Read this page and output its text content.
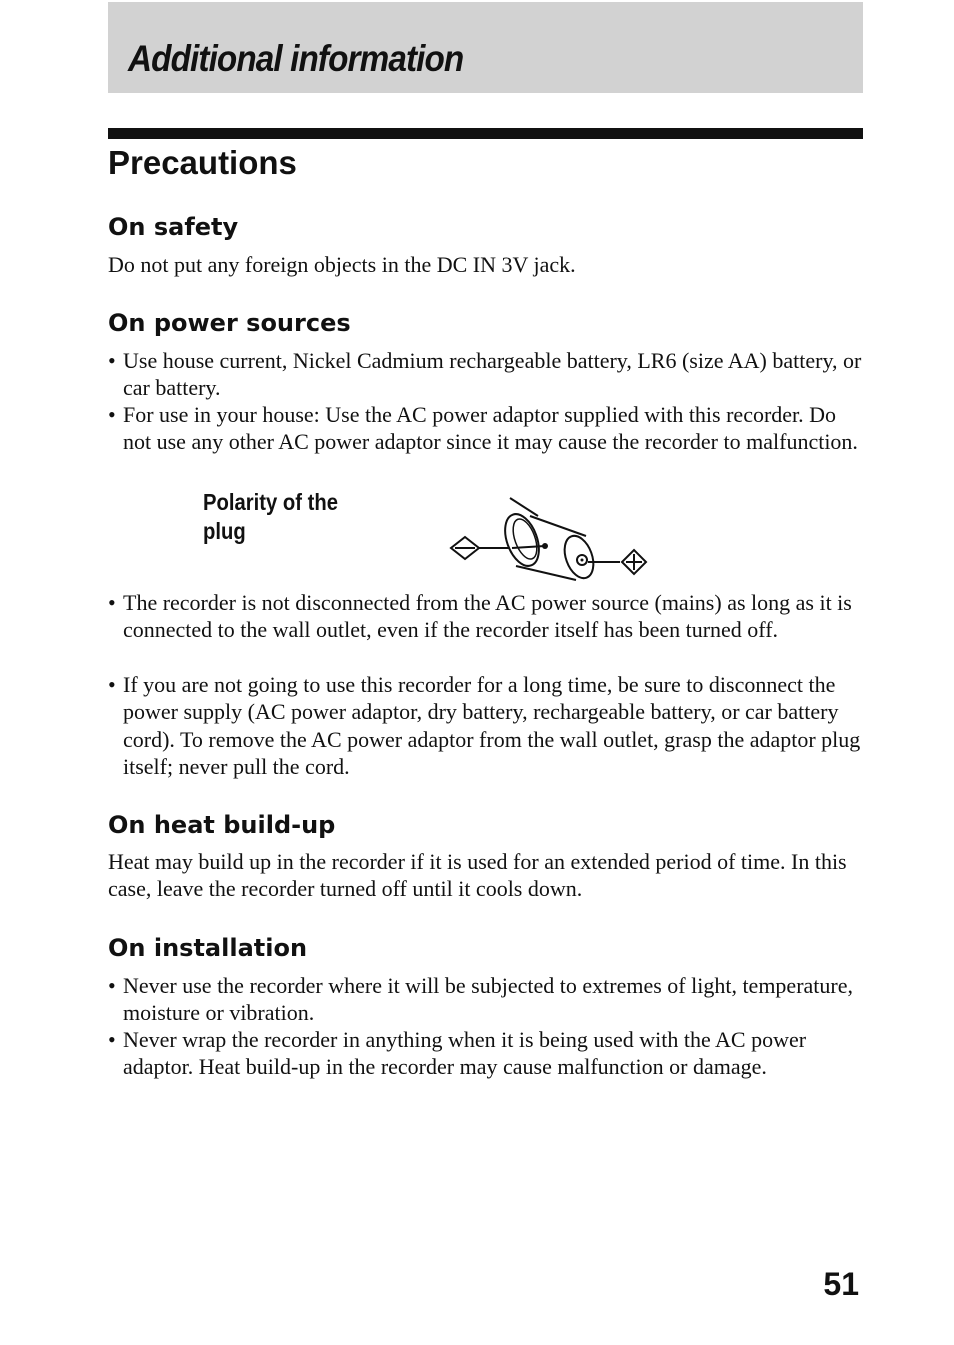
Additional information
Precautions
On safety
Do not put any foreign objects in the DC IN 3V jack.
On power sources
• Use house current, Nickel Cadmium rechargeable battery, LR6 (size AA) battery, or car battery.
• For use in your house: Use the AC power adaptor supplied with this recorder. Do not use any other AC power adaptor since it may cause the recorder to malfunction.
Polarity of the plug
• The recorder is not disconnected from the AC power source (mains) as long as it is connected to the wall outlet, even if the recorder itself has been turned off.
• If you are not going to use this recorder for a long time, be sure to disconnect the power supply (AC power adaptor, dry battery, rechargeable battery, or car battery cord). To remove the AC power adaptor from the wall outlet, grasp the adaptor plug itself; never pull the cord.
On heat build-up
Heat may build up in the recorder if it is used for an extended period of time. In this case, leave the recorder turned off until it cools down.
On installation
• Never use the recorder where it will be subjected to extremes of light, temperature, moisture or vibration.
• Never wrap the recorder in anything when it is being used with the AC power adaptor. Heat build-up in the recorder may cause malfunction or damage.
51
